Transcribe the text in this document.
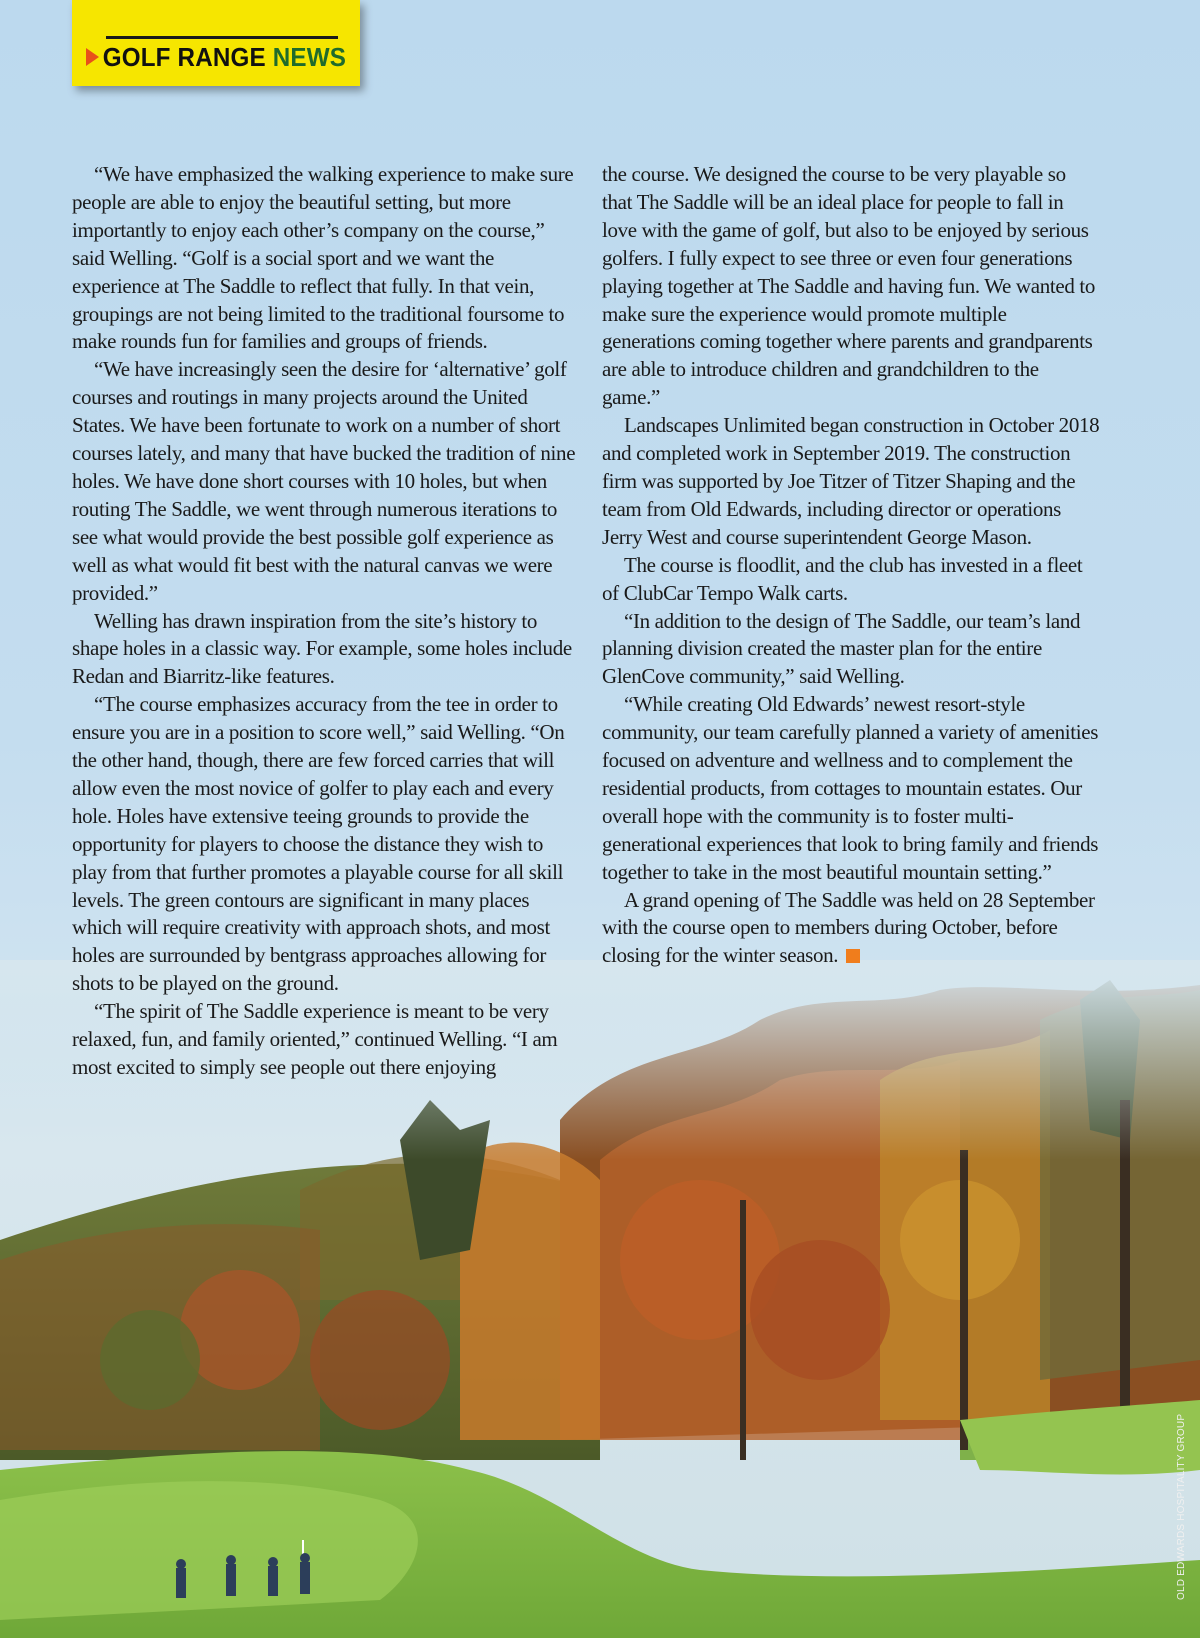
GOLF RANGE NEWS

“We have emphasized the walking experience to make sure people are able to enjoy the beautiful setting, but more importantly to enjoy each other’s company on the course,” said Welling. “Golf is a social sport and we want the experience at The Saddle to reflect that fully. In that vein, groupings are not being limited to the traditional foursome to make rounds fun for families and groups of friends.

“We have increasingly seen the desire for ‘alternative’ golf courses and routings in many projects around the United States. We have been fortunate to work on a number of short courses lately, and many that have bucked the tradition of nine holes. We have done short courses with 10 holes, but when routing The Saddle, we went through numerous iterations to see what would provide the best possible golf experience as well as what would fit best with the natural canvas we were provided.”

Welling has drawn inspiration from the site’s history to shape holes in a classic way. For example, some holes include Redan and Biarritz-like features.

“The course emphasizes accuracy from the tee in order to ensure you are in a position to score well,” said Welling. “On the other hand, though, there are few forced carries that will allow even the most novice of golfer to play each and every hole. Holes have extensive teeing grounds to provide the opportunity for players to choose the distance they wish to play from that further promotes a playable course for all skill levels. The green contours are significant in many places which will require creativity with approach shots, and most holes are surrounded by bentgrass approaches allowing for shots to be played on the ground.

“The spirit of The Saddle experience is meant to be very relaxed, fun, and family oriented,” continued Welling. “I am most excited to simply see people out there enjoying

the course. We designed the course to be very playable so that The Saddle will be an ideal place for people to fall in love with the game of golf, but also to be enjoyed by serious golfers. I fully expect to see three or even four generations playing together at The Saddle and having fun. We wanted to make sure the experience would promote multiple generations coming together where parents and grandparents are able to introduce children and grandchildren to the game.”

Landscapes Unlimited began construction in October 2018 and completed work in September 2019. The construction firm was supported by Joe Titzer of Titzer Shaping and the team from Old Edwards, including director or operations Jerry West and course superintendent George Mason.

The course is floodlit, and the club has invested in a fleet of ClubCar Tempo Walk carts.

“In addition to the design of The Saddle, our team’s land planning division created the master plan for the entire GlenCove community,” said Welling.

“While creating Old Edwards’ newest resort-style community, our team carefully planned a variety of amenities focused on adventure and wellness and to complement the residential products, from cottages to mountain estates. Our overall hope with the community is to foster multi-generational experiences that look to bring family and friends together to take in the most beautiful mountain setting.”

A grand opening of The Saddle was held on 28 September with the course open to members during October, before closing for the winter season.

OLD EDWARDS HOSPITALITY GROUP
